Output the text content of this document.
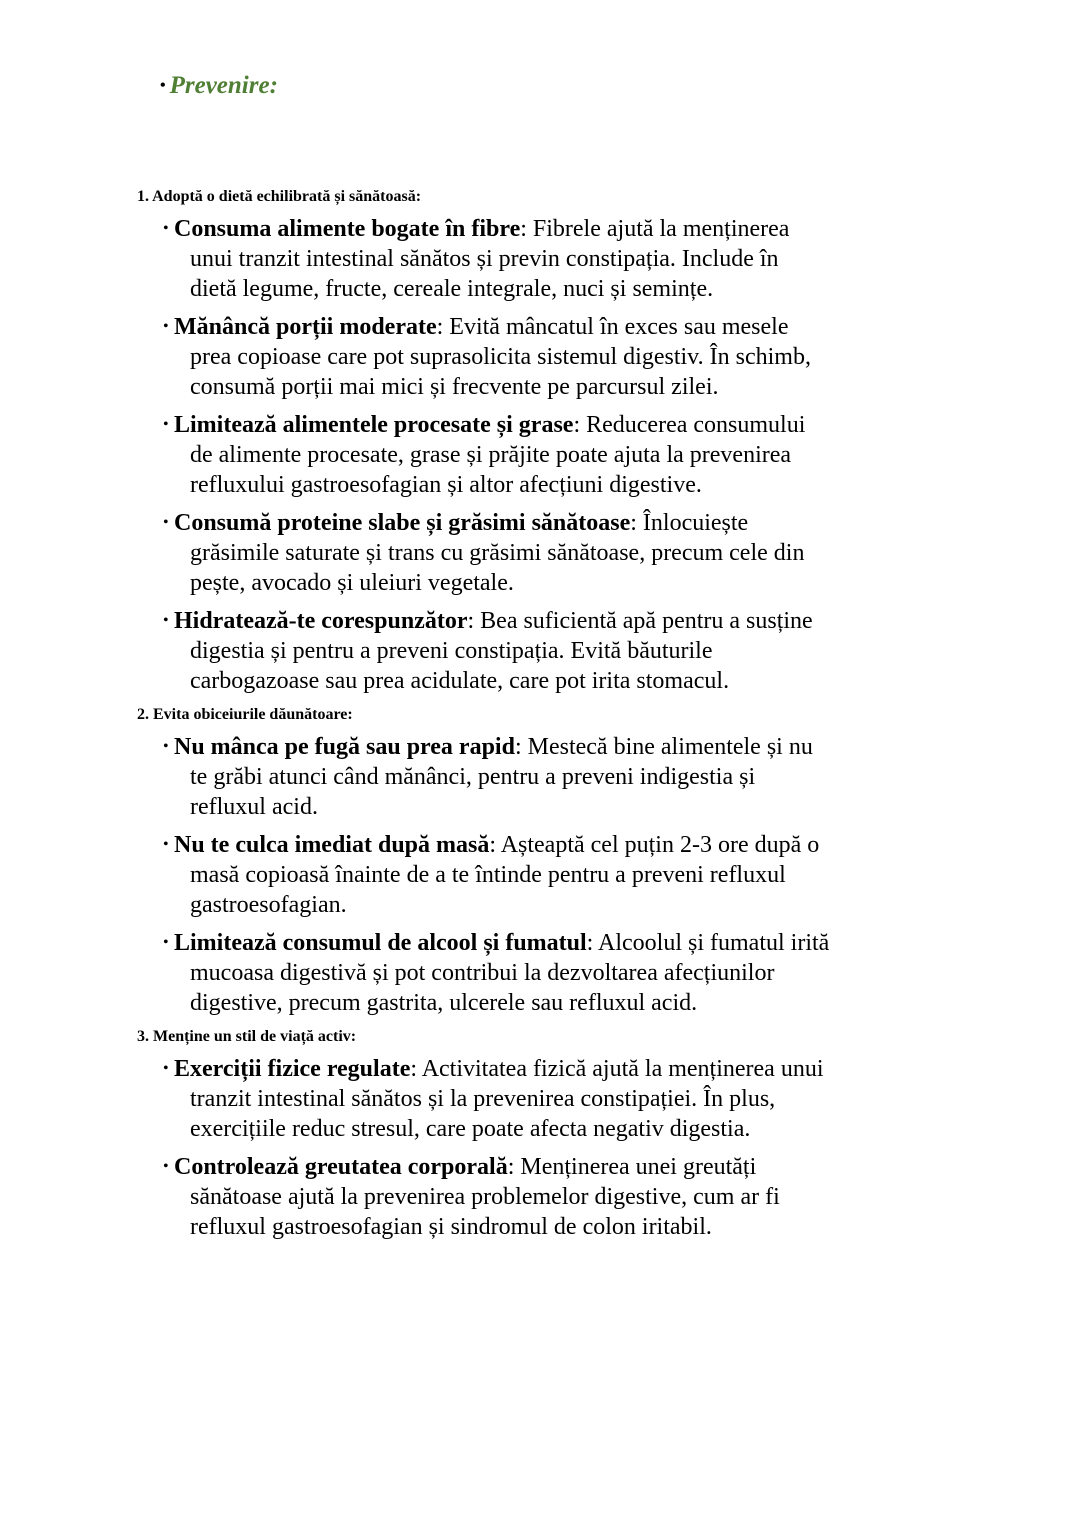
• Prevenire:
1. Adoptă o dietă echilibrată și sănătoasă:
• Consuma alimente bogate în fibre: Fibrele ajută la menținerea unui tranzit intestinal sănătos și previn constipația. Include în dietă legume, fructe, cereale integrale, nuci și semințe.
• Mănâncă porții moderate: Evită mâncatul în exces sau mesele prea copioase care pot suprasolicita sistemul digestiv. În schimb, consumă porții mai mici și frecvente pe parcursul zilei.
• Limitează alimentele procesate și grase: Reducerea consumului de alimente procesate, grase și prăjite poate ajuta la prevenirea refluxului gastroesofagian și altor afecțiuni digestive.
• Consumă proteine slabe și grăsimi sănătoase: Înlocuiește grăsimile saturate și trans cu grăsimi sănătoase, precum cele din pește, avocado și uleiuri vegetale.
• Hidratează-te corespunzător: Bea suficientă apă pentru a susține digestia și pentru a preveni constipația. Evită băuturile carbogazoase sau prea acidulate, care pot irita stomacul.
2. Evita obiceiurile dăunătoare:
• Nu mânca pe fugă sau prea rapid: Mestecă bine alimentele și nu te grăbi atunci când mănânci, pentru a preveni indigestia și refluxul acid.
• Nu te culca imediat după masă: Așteaptă cel puțin 2-3 ore după o masă copioasă înainte de a te întinde pentru a preveni refluxul gastroesofagian.
• Limitează consumul de alcool și fumatul: Alcoolul și fumatul irită mucoasa digestivă și pot contribui la dezvoltarea afecțiunilor digestive, precum gastrita, ulcerele sau refluxul acid.
3. Menține un stil de viață activ:
• Exerciții fizice regulate: Activitatea fizică ajută la menținerea unui tranzit intestinal sănătos și la prevenirea constipației. În plus, exercițiile reduc stresul, care poate afecta negativ digestia.
• Controlează greutatea corporală: Menținerea unei greutăți sănătoase ajută la prevenirea problemelor digestive, cum ar fi refluxul gastroesofagian și sindromul de colon iritabil.
